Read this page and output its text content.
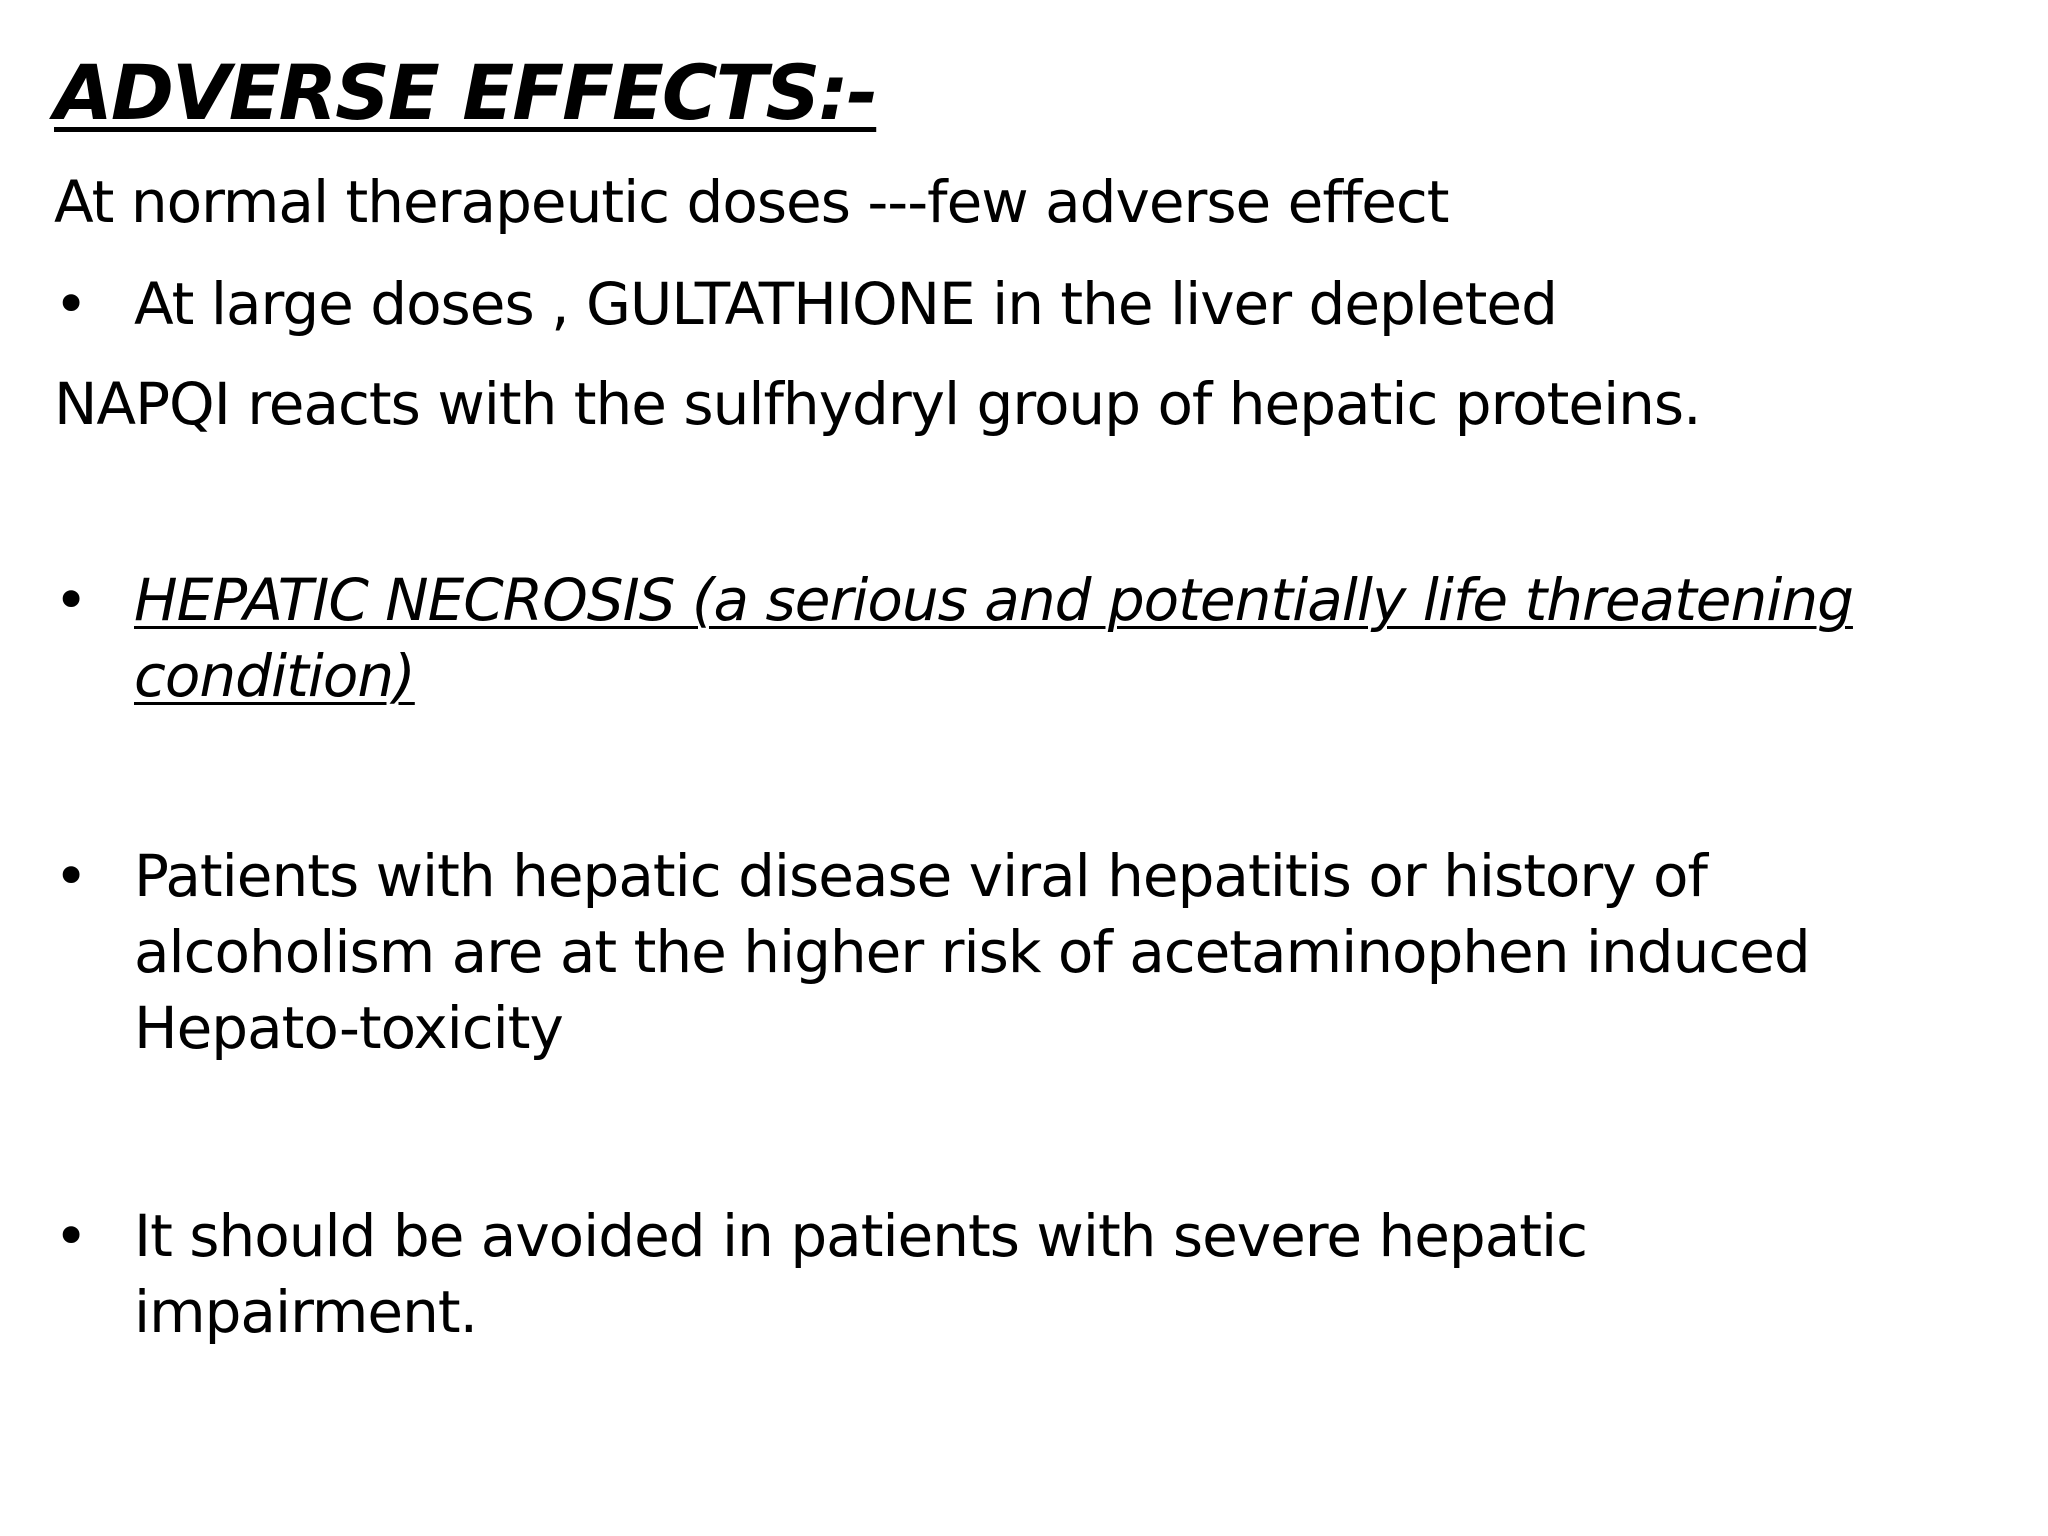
ADVERSE EFFECTS:-
At normal therapeutic doses ---few adverse effect
• At large doses , GULTATHIONE in the liver depleted
NAPQI reacts with the sulfhydryl group of hepatic proteins.
• HEPATIC NECROSIS (a serious and potentially life threatening condition)
• Patients with hepatic disease viral hepatitis or history of alcoholism are at the higher risk of acetaminophen induced Hepato-toxicity
• It should be avoided in patients with severe hepatic impairment.
